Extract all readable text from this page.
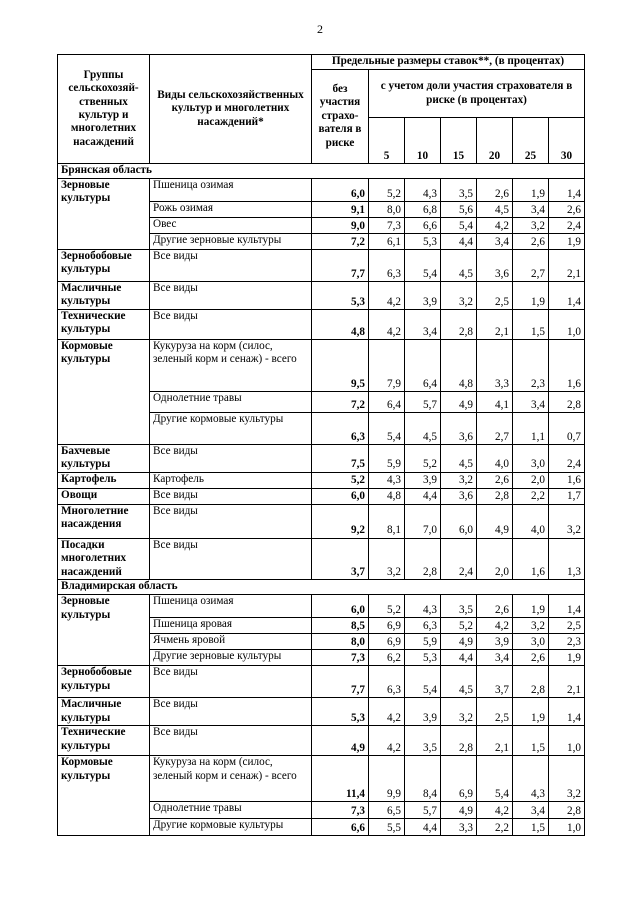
2
Группы сельскохозяй-ственных культур и многолетних насаждений	Виды сельскохозяйственных культур и многолетних насаждений*	Предельные размеры ставок**, (в процентах)						
		без участия страхо-вателя в риске	с учетом доли участия страхователя в риске (в процентах)					
			5	10	15	20	25	30
Брянская область								
Зерновые культуры	Пшеница озимая	6,0	5,2	4,3	3,5	2,6	1,9	1,4
	Рожь озимая	9,1	8,0	6,8	5,6	4,5	3,4	2,6
	Овес	9,0	7,3	6,6	5,4	4,2	3,2	2,4
	Другие зерновые культуры	7,2	6,1	5,3	4,4	3,4	2,6	1,9
Зернобобовые культуры	Все виды	7,7	6,3	5,4	4,5	3,6	2,7	2,1
Масличные культуры	Все виды	5,3	4,2	3,9	3,2	2,5	1,9	1,4
Технические культуры	Все виды	4,8	4,2	3,4	2,8	2,1	1,5	1,0
Кормовые культуры	Кукуруза на корм (силос, зеленый корм и сенаж) - всего	9,5	7,9	6,4	4,8	3,3	2,3	1,6
	Однолетние травы	7,2	6,4	5,7	4,9	4,1	3,4	2,8
	Другие кормовые культуры	6,3	5,4	4,5	3,6	2,7	1,1	0,7
Бахчевые культуры	Все виды	7,5	5,9	5,2	4,5	4,0	3,0	2,4
Картофель	Картофель	5,2	4,3	3,9	3,2	2,6	2,0	1,6
Овощи	Все виды	6,0	4,8	4,4	3,6	2,8	2,2	1,7
Многолетние насаждения	Все виды	9,2	8,1	7,0	6,0	4,9	4,0	3,2
Посадки многолетних насаждений	Все виды	3,7	3,2	2,8	2,4	2,0	1,6	1,3
Владимирская область								
Зерновые культуры	Пшеница озимая	6,0	5,2	4,3	3,5	2,6	1,9	1,4
	Пшеница яровая	8,5	6,9	6,3	5,2	4,2	3,2	2,5
	Ячмень яровой	8,0	6,9	5,9	4,9	3,9	3,0	2,3
	Другие зерновые культуры	7,3	6,2	5,3	4,4	3,4	2,6	1,9
Зернобобовые культуры	Все виды	7,7	6,3	5,4	4,5	3,7	2,8	2,1
Масличные культуры	Все виды	5,3	4,2	3,9	3,2	2,5	1,9	1,4
Технические культуры	Все виды	4,9	4,2	3,5	2,8	2,1	1,5	1,0
Кормовые культуры	Кукуруза на корм (силос, зеленый корм и сенаж) - всего	11,4	9,9	8,4	6,9	5,4	4,3	3,2
	Однолетние травы	7,3	6,5	5,7	4,9	4,2	3,4	2,8
	Другие кормовые культуры	6,6	5,5	4,4	3,3	2,2	1,5	1,0
